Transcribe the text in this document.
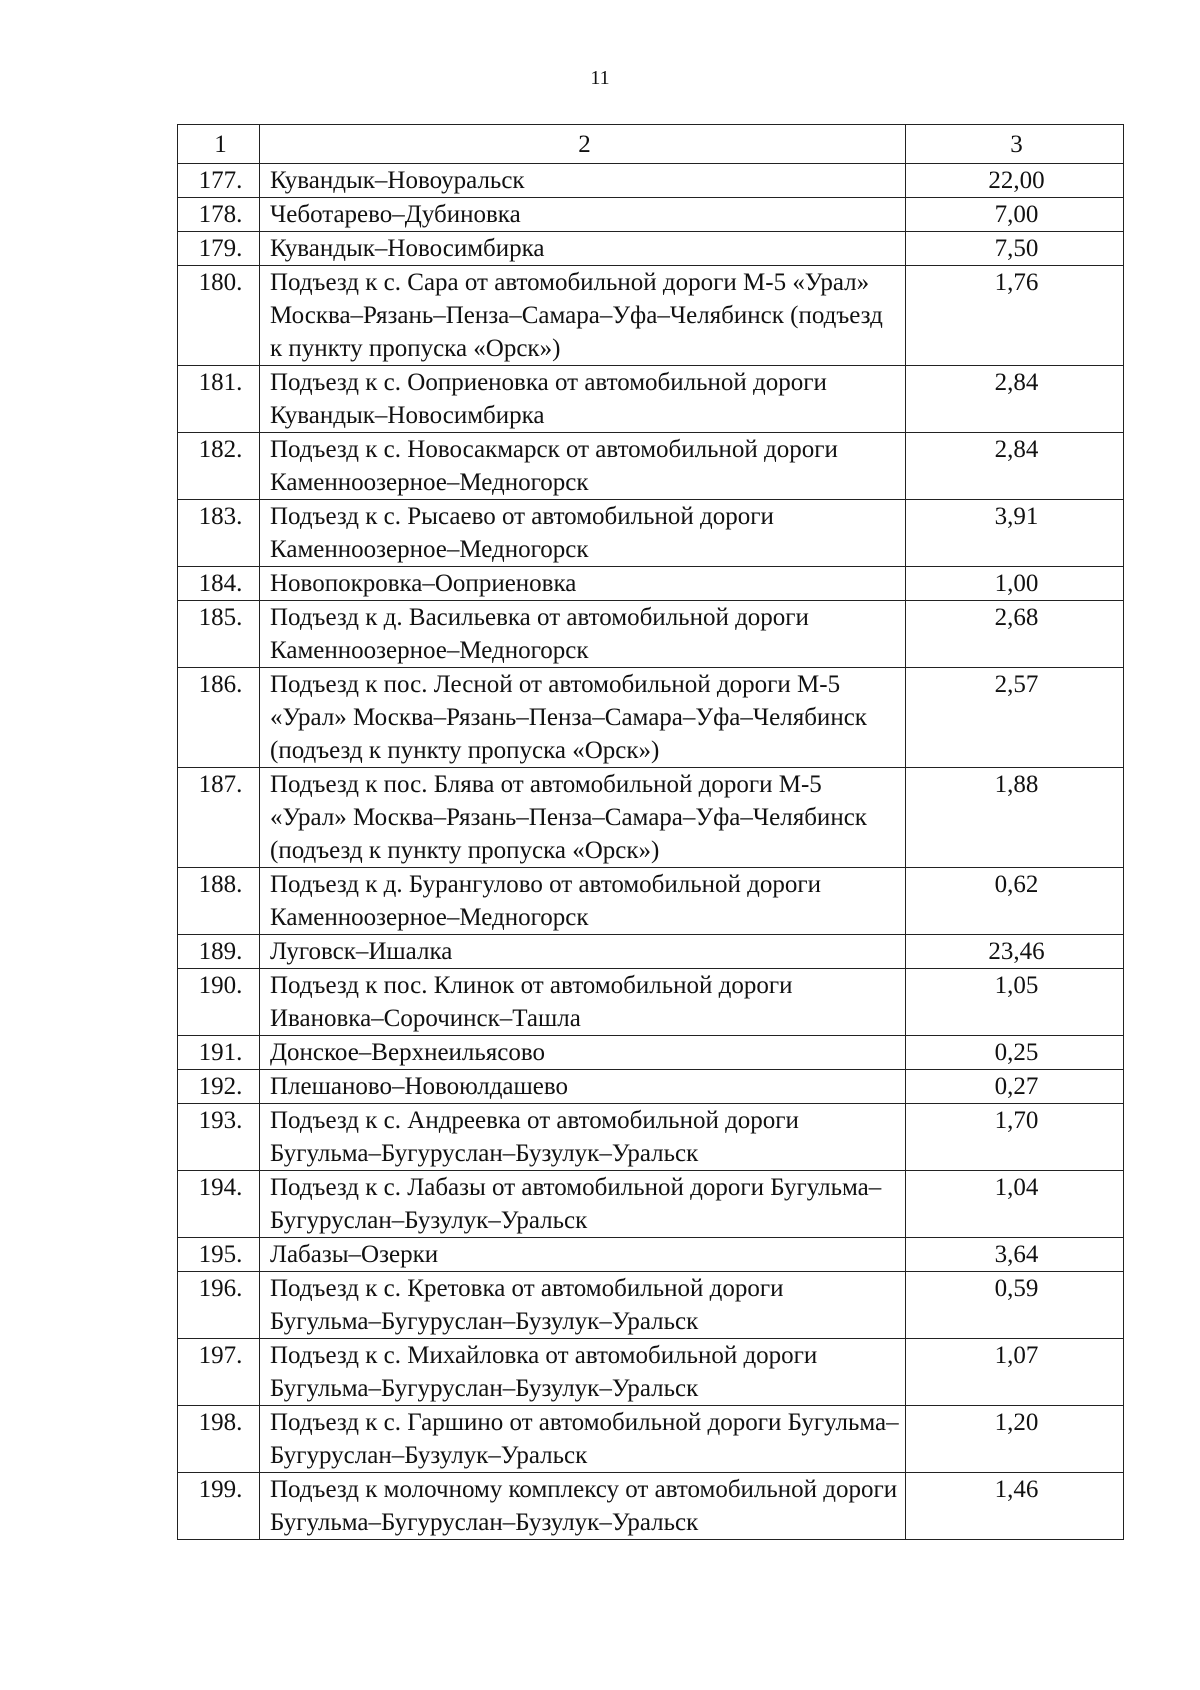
11
1	2	3
177.	Кувандык–Новоуральск	22,00
178.	Чеботарево–Дубиновка	7,00
179.	Кувандык–Новосимбирка	7,50
180.	Подъезд к с. Сара от автомобильной дороги М-5 «Урал» Москва–Рязань–Пенза–Самара–Уфа–Челябинск (подъезд к пункту пропуска «Орск»)	1,76
181.	Подъезд к с. Ооприеновка от автомобильной дороги Кувандык–Новосимбирка	2,84
182.	Подъезд к с. Новосакмарск от автомобильной дороги Каменноозерное–Медногорск	2,84
183.	Подъезд к с. Рысаево от автомобильной дороги Каменноозерное–Медногорск	3,91
184.	Новопокровка–Ооприеновка	1,00
185.	Подъезд к д. Васильевка от автомобильной дороги Каменноозерное–Медногорск	2,68
186.	Подъезд к пос. Лесной от автомобильной дороги М-5 «Урал» Москва–Рязань–Пенза–Самара–Уфа–Челябинск (подъезд к пункту пропуска «Орск»)	2,57
187.	Подъезд к пос. Блява от автомобильной дороги М-5 «Урал» Москва–Рязань–Пенза–Самара–Уфа–Челябинск (подъезд к пункту пропуска «Орск»)	1,88
188.	Подъезд к д. Бурангулово от автомобильной дороги Каменноозерное–Медногорск	0,62
189.	Луговск–Ишалка	23,46
190.	Подъезд к пос. Клинок от автомобильной дороги Ивановка–Сорочинск–Ташла	1,05
191.	Донское–Верхнеильясово	0,25
192.	Плешаново–Новоюлдашево	0,27
193.	Подъезд к с. Андреевка от автомобильной дороги Бугульма–Бугуруслан–Бузулук–Уральск	1,70
194.	Подъезд к с. Лабазы от автомобильной дороги Бугульма–Бугуруслан–Бузулук–Уральск	1,04
195.	Лабазы–Озерки	3,64
196.	Подъезд к с. Кретовка от автомобильной дороги Бугульма–Бугуруслан–Бузулук–Уральск	0,59
197.	Подъезд к с. Михайловка от автомобильной дороги Бугульма–Бугуруслан–Бузулук–Уральск	1,07
198.	Подъезд к с. Гаршино от автомобильной дороги Бугульма–Бугуруслан–Бузулук–Уральск	1,20
199.	Подъезд к молочному комплексу от автомобильной дороги Бугульма–Бугуруслан–Бузулук–Уральск	1,46
